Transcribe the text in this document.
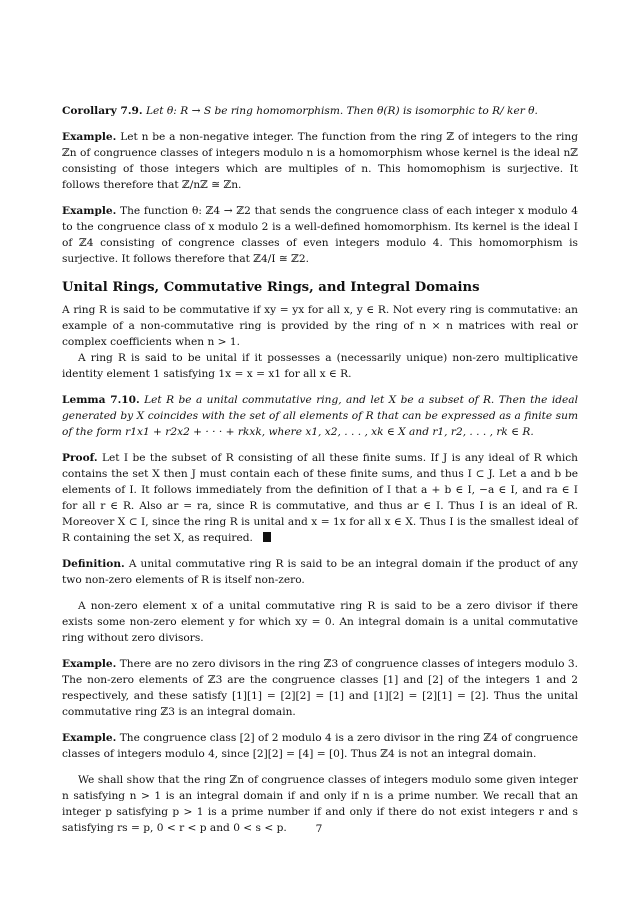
Corollary 7.9. Let θ: R → S be ring homomorphism. Then θ(R) is isomorphic to R/ ker θ.

Example. Let n be a non-negative integer. The function from the ring ℤ of integers to the ring ℤn of congruence classes of integers modulo n is a homomorphism whose kernel is the ideal nℤ consisting of those integers which are multiples of n. This homomophism is surjective. It follows therefore that ℤ/nℤ ≅ ℤn.

Example. The function θ: ℤ4 → ℤ2 that sends the congruence class of each integer x modulo 4 to the congruence class of x modulo 2 is a well-defined homomorphism. Its kernel is the ideal I of ℤ4 consisting of congrence classes of even integers modulo 4. This homomorphism is surjective. It follows therefore that ℤ4/I ≅ ℤ2.

Unital Rings, Commutative Rings, and Integral Domains

A ring R is said to be commutative if xy = yx for all x, y ∈ R. Not every ring is commutative: an example of a non-commutative ring is provided by the ring of n × n matrices with real or complex coefficients when n > 1.

A ring R is said to be unital if it possesses a (necessarily unique) non-zero multiplicative identity element 1 satisfying 1x = x = x1 for all x ∈ R.

Lemma 7.10. Let R be a unital commutative ring, and let X be a subset of R. Then the ideal generated by X coincides with the set of all elements of R that can be expressed as a finite sum of the form r1x1 + r2x2 + · · · + rkxk, where x1, x2, . . . , xk ∈ X and r1, r2, . . . , rk ∈ R.

Proof. Let I be the subset of R consisting of all these finite sums. If J is any ideal of R which contains the set X then J must contain each of these finite sums, and thus I ⊂ J. Let a and b be elements of I. It follows immediately from the definition of I that a + b ∈ I, −a ∈ I, and ra ∈ I for all r ∈ R. Also ar = ra, since R is commutative, and thus ar ∈ I. Thus I is an ideal of R. Moreover X ⊂ I, since the ring R is unital and x = 1x for all x ∈ X. Thus I is the smallest ideal of R containing the set X, as required.

Definition. A unital commutative ring R is said to be an integral domain if the product of any two non-zero elements of R is itself non-zero.

A non-zero element x of a unital commutative ring R is said to be a zero divisor if there exists some non-zero element y for which xy = 0. An integral domain is a unital commutative ring without zero divisors.

Example. There are no zero divisors in the ring ℤ3 of congruence classes of integers modulo 3. The non-zero elements of ℤ3 are the congruence classes [1] and [2] of the integers 1 and 2 respectively, and these satisfy [1][1] = [2][2] = [1] and [1][2] = [2][1] = [2]. Thus the unital commutative ring ℤ3 is an integral domain.

Example. The congruence class [2] of 2 modulo 4 is a zero divisor in the ring ℤ4 of congruence classes of integers modulo 4, since [2][2] = [4] = [0]. Thus ℤ4 is not an integral domain.

We shall show that the ring ℤn of congruence classes of integers modulo some given integer n satisfying n > 1 is an integral domain if and only if n is a prime number. We recall that an integer p satisfying p > 1 is a prime number if and only if there do not exist integers r and s satisfying rs = p, 0 < r < p and 0 < s < p.	7
